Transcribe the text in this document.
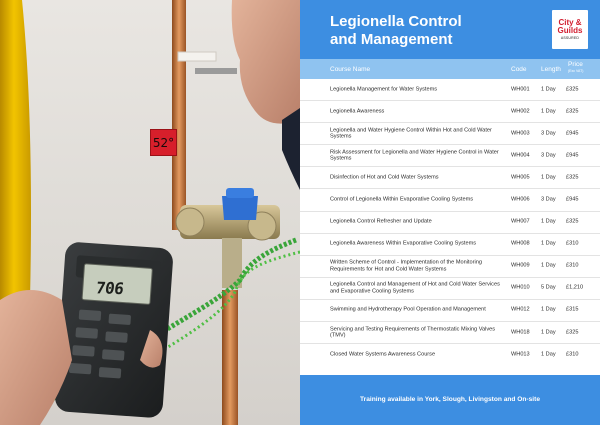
52°
706
Legionella Control
and Management
City &
Guilds
ASSURED
Course Name	Code Length
Price
(Exc VAT)
Legionella Management for Water Systems	WH001 1 Day £325
Legionella Awareness	WH002 1 Day £325
Legionella and Water Hygiene Control Within Hot and Cold Water Systems
WH003 3 Day £945
Risk Assessment for Legionella and Water Hygiene Control in Water Systems
WH004 3 Day £945
Disinfection of Hot and Cold Water Systems	WH005 1 Day £325
Control of Legionella Within Evaporative Cooling Systems	WH006 3 Day £945
Legionella Control Refresher and Update	WH007 1 Day £325
Legionella Awareness Within Evaporative Cooling Systems	WH008 1 Day £310
Written Scheme of Control - Implementation of the Monitoring Requirements for Hot and Cold Water Systems
WH009 1 Day £310
Legionella Control and Management of Hot and Cold Water Services and Evaporative Cooling Systems
WH010 5 Day £1,210
Swimming and Hydrotherapy Pool Operation and Management	WH012 1 Day £315
Servicing and Testing Requirements of Thermostatic Mixing Valves (TMV)
WH018 1 Day £325
Closed Water Systems Awareness Course	WH013 1 Day £310
Training available in York, Slough, Livingston and On-site
